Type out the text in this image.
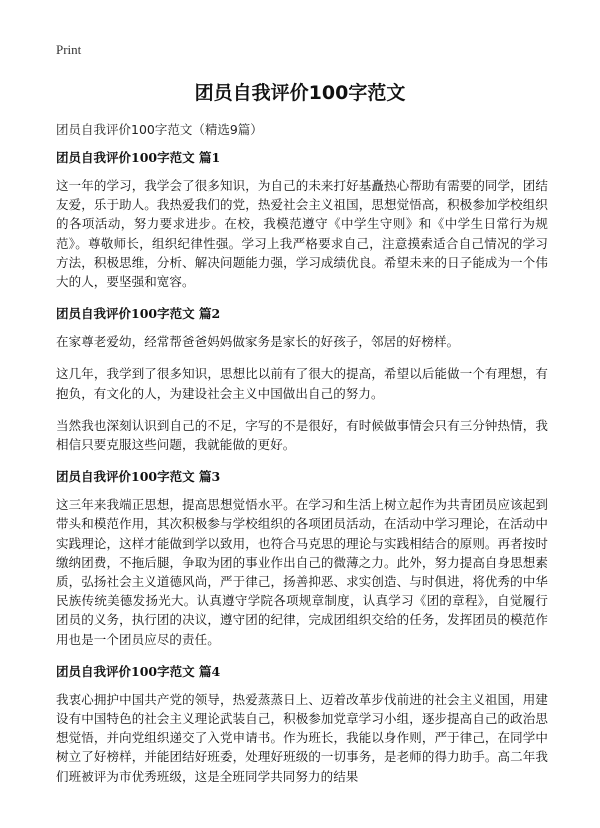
Print
团员自我评价100字范文
团员自我评价100字范文（精选9篇）
团员自我评价100字范文 篇1

这一年的学习，我学会了很多知识，为自己的未来打好基矗热心帮助有需要的同学，团结友爱，乐于助人。我热爱我们的党，热爱社会主义祖国，思想觉悟高，积极参加学校组织的各项活动，努力要求进步。在校，我模范遵守《中学生守则》和《中学生日常行为规范》。尊敬师长，组织纪律性强。学习上我严格要求自己，注意摸索适合自己情况的学习方法，积极思维，分析、解决问题能力强，学习成绩优良。希望未来的日子能成为一个伟大的人，要坚强和宽容。

团员自我评价100字范文 篇2

在家尊老爱幼，经常帮爸爸妈妈做家务是家长的好孩子，邻居的好榜样。

这几年，我学到了很多知识，思想比以前有了很大的提高，希望以后能做一个有理想，有抱负，有文化的人，为建设社会主义中国做出自己的努力。

当然我也深刻认识到自己的不足，字写的不是很好，有时候做事情会只有三分钟热情，我相信只要克服这些问题，我就能做的更好。

团员自我评价100字范文 篇3

这三年来我端正思想，提高思想觉悟水平。在学习和生活上树立起作为共青团员应该起到带头和模范作用，其次积极参与学校组织的各项团员活动，在活动中学习理论，在活动中实践理论，这样才能做到学以致用，也符合马克思的理论与实践相结合的原则。再者按时缴纳团费，不拖后腿，争取为团的事业作出自己的微薄之力。此外，努力提高自身思想素质，弘扬社会主义道德风尚，严于律己，扬善抑恶、求实创造、与时俱进，将优秀的中华民族传统美德发扬光大。认真遵守学院各项规章制度，认真学习《团的章程》，自觉履行团员的义务，执行团的决议，遵守团的纪律，完成团组织交给的任务，发挥团员的模范作用也是一个团员应尽的责任。

团员自我评价100字范文 篇4

我衷心拥护中国共产党的领导，热爱蒸蒸日上、迈着改革步伐前进的社会主义祖国，用建设有中国特色的社会主义理论武装自己，积极参加党章学习小组，逐步提高自己的政治思想觉悟，并向党组织递交了入党申请书。作为班长，我能以身作则，严于律己，在同学中树立了好榜样，并能团结好班委，处理好班级的一切事务，是老师的得力助手。高二年我们班被评为市优秀班级，这是全班同学共同努力的结果
